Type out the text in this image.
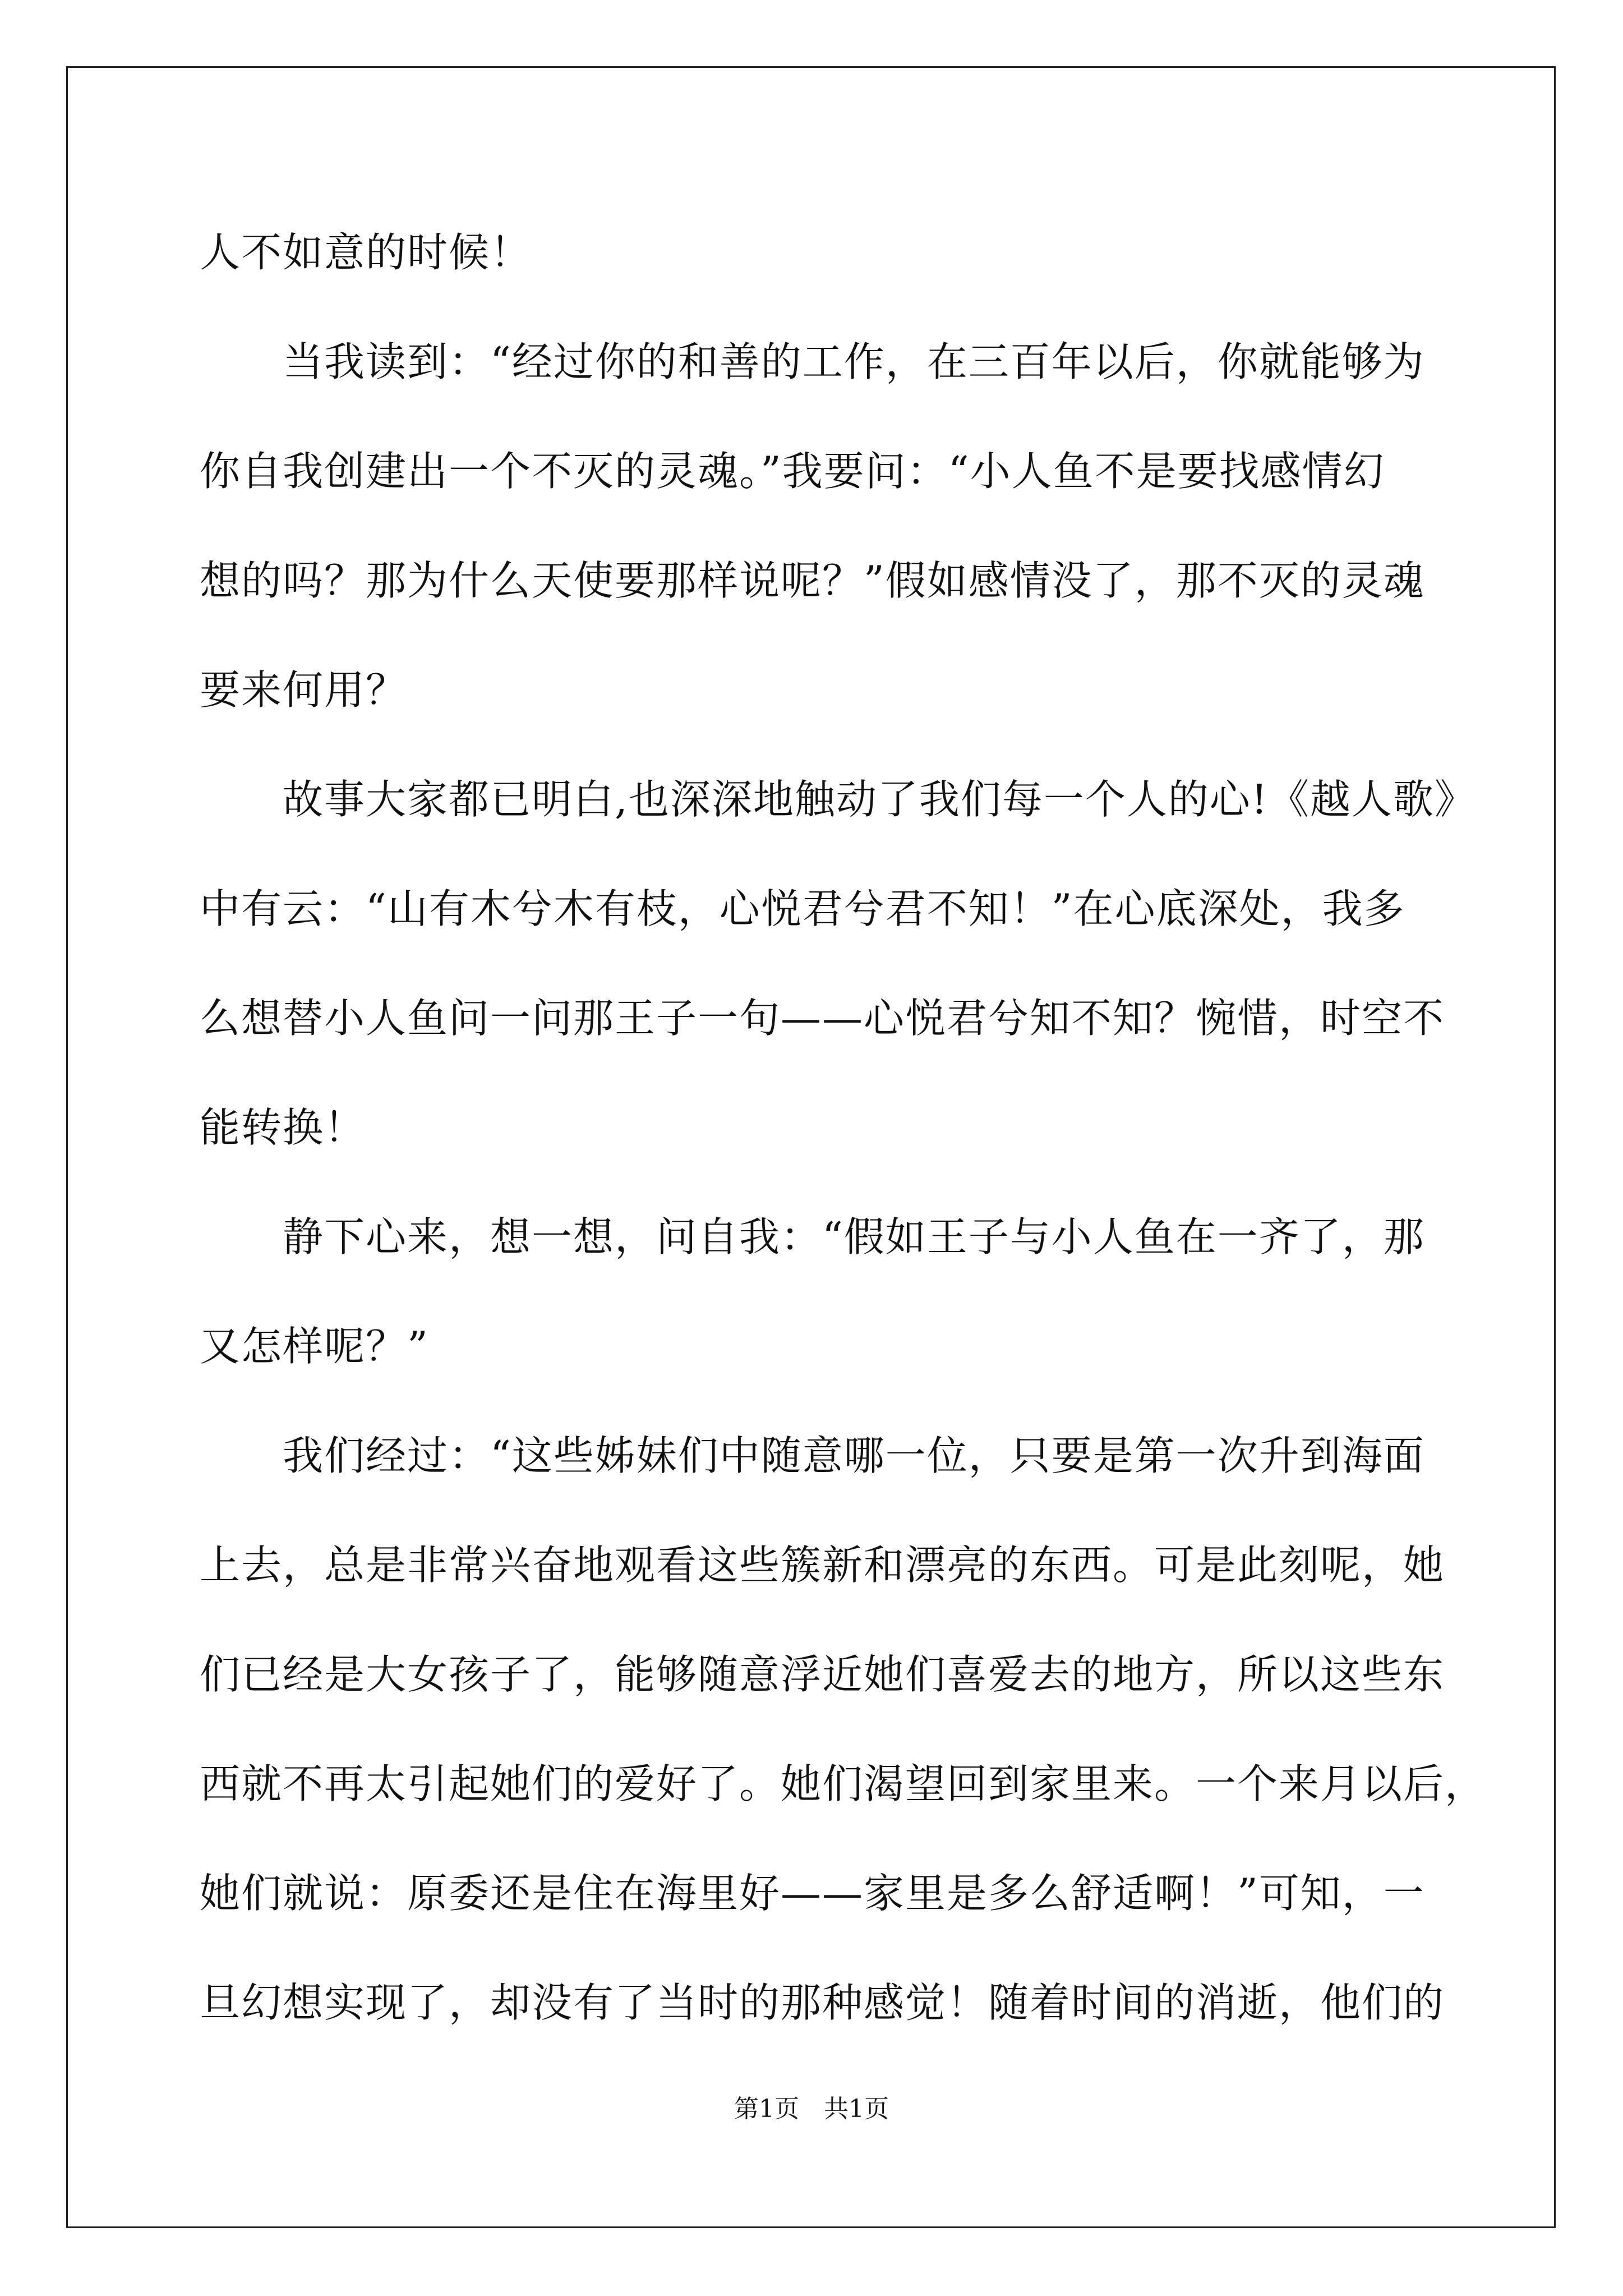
人不如意的时候！
当我读到：“经过你的和善的工作，在三百年以后，你就能够为
你自我创建出一个不灭的灵魂。”我要问：“小人鱼不是要找感情幻
想的吗？那为什么天使要那样说呢？”假如感情没了，那不灭的灵魂
要来何用？
故事大家都已明白,也深深地触动了我们每一个人的心!《越人歌》
中有云：“山有木兮木有枝，心悦君兮君不知！”在心底深处，我多
么想替小人鱼问一问那王子一句——心悦君兮知不知？惋惜，时空不
能转换！
静下心来，想一想，问自我：“假如王子与小人鱼在一齐了，那
又怎样呢？”
我们经过：“这些姊妹们中随意哪一位，只要是第一次升到海面
上去，总是非常兴奋地观看这些簇新和漂亮的东西。可是此刻呢，她
们已经是大女孩子了，能够随意浮近她们喜爱去的地方，所以这些东
西就不再太引起她们的爱好了。她们渴望回到家里来。一个来月以后，
她们就说：原委还是住在海里好——家里是多么舒适啊！”可知，一
旦幻想实现了，却没有了当时的那种感觉！随着时间的消逝，他们的
第1页　共1页
